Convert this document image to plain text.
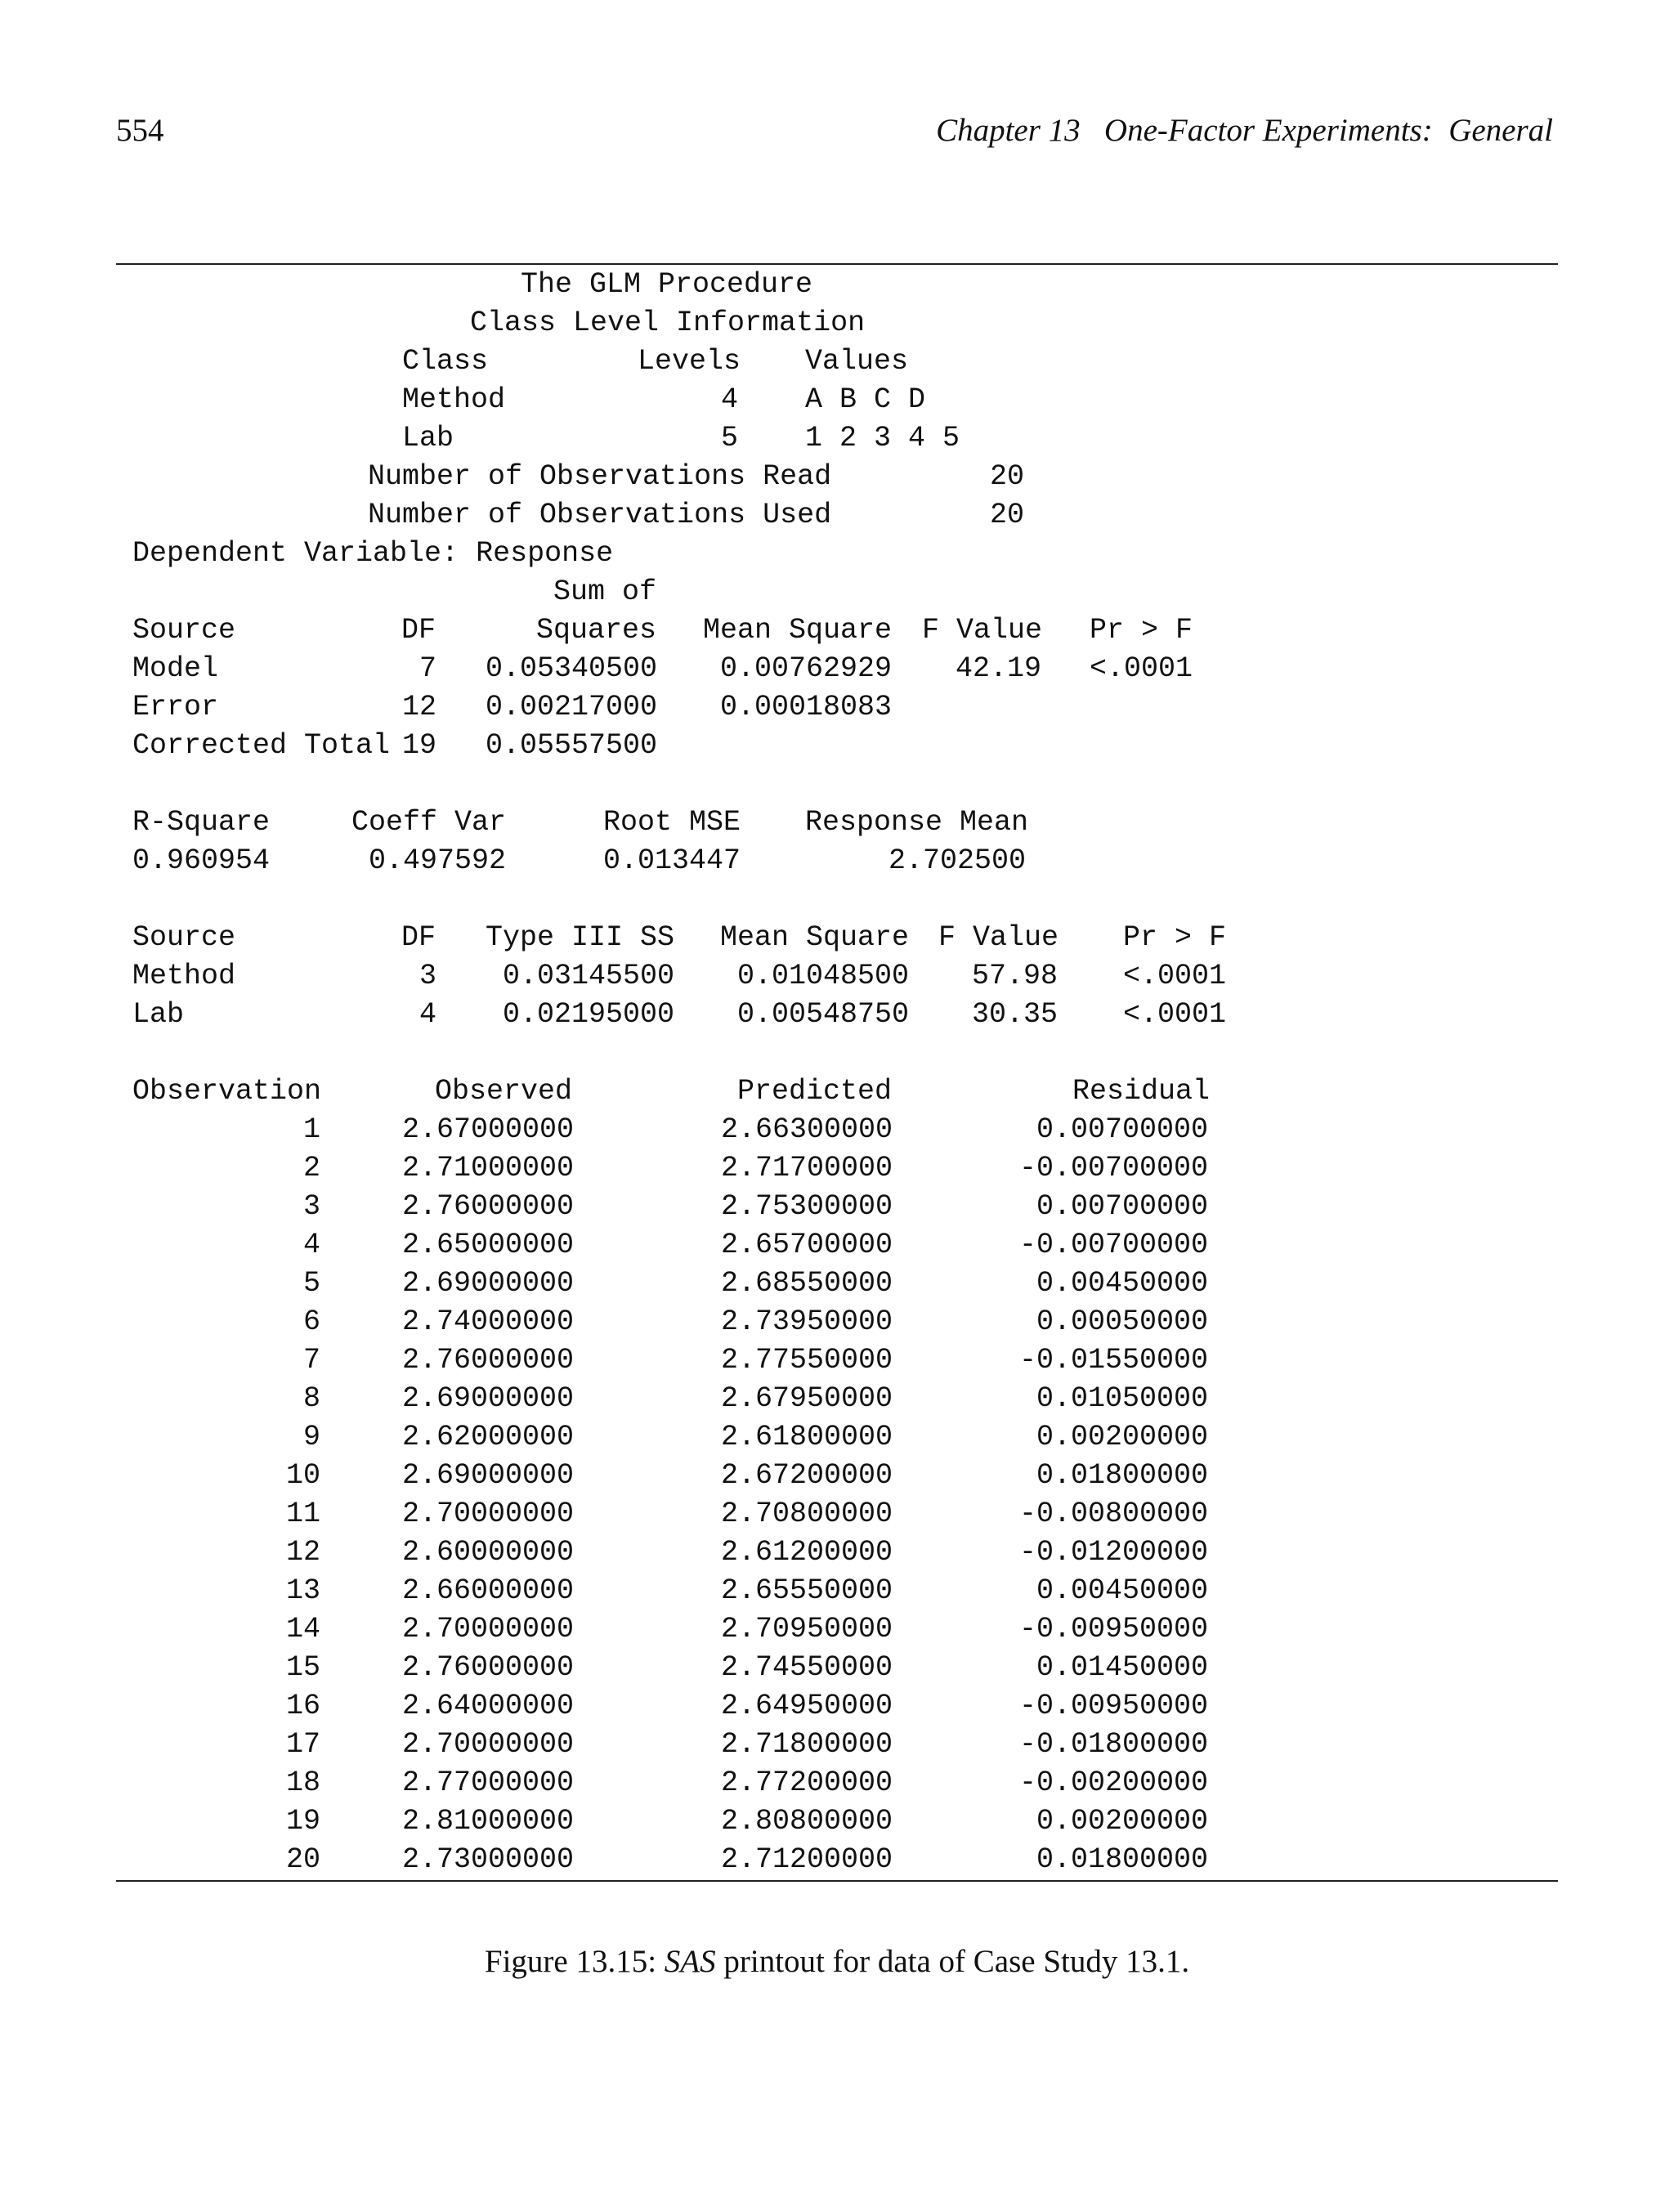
554	Chapter 13   One-Factor Experiments:  General
The GLM Procedure
Class Level Information
Class	Levels Values
Method	4 A B C D
Lab	5 1 2 3 4 5
Number of Observations Read	20
Number of Observations Used	20
Dependent Variable: Response
Sum of
Source	DF	Squares Mean Square F Value Pr > F
Model	7 0.05340500 0.00762929 42.19 <.0001
Error	12 0.00217000 0.00018083
Corrected Total 19 0.05557500
R-Square	Coeff Var	Root MSE Response Mean
0.960954	0.497592	0.013447	2.702500
Source	DF Type III SS Mean Square F Value Pr > F
Method	3 0.03145500 0.01048500 57.98 <.0001
Lab	4 0.02195000 0.00548750 30.35 <.0001
Observation	Observed	Predicted	Residual
1	2.67000000	2.66300000	0.00700000
2	2.71000000	2.71700000	-0.00700000
3	2.76000000	2.75300000	0.00700000
4	2.65000000	2.65700000	-0.00700000
5	2.69000000	2.68550000	0.00450000
6	2.74000000	2.73950000	0.00050000
7	2.76000000	2.77550000	-0.01550000
8	2.69000000	2.67950000	0.01050000
9	2.62000000	2.61800000	0.00200000
10	2.69000000	2.67200000	0.01800000
11	2.70000000	2.70800000	-0.00800000
12	2.60000000	2.61200000	-0.01200000
13	2.66000000	2.65550000	0.00450000
14	2.70000000	2.70950000	-0.00950000
15	2.76000000	2.74550000	0.01450000
16	2.64000000	2.64950000	-0.00950000
17	2.70000000	2.71800000	-0.01800000
18	2.77000000	2.77200000	-0.00200000
19	2.81000000	2.80800000	0.00200000
20	2.73000000	2.71200000	0.01800000
Figure 13.15: SAS printout for data of Case Study 13.1.
